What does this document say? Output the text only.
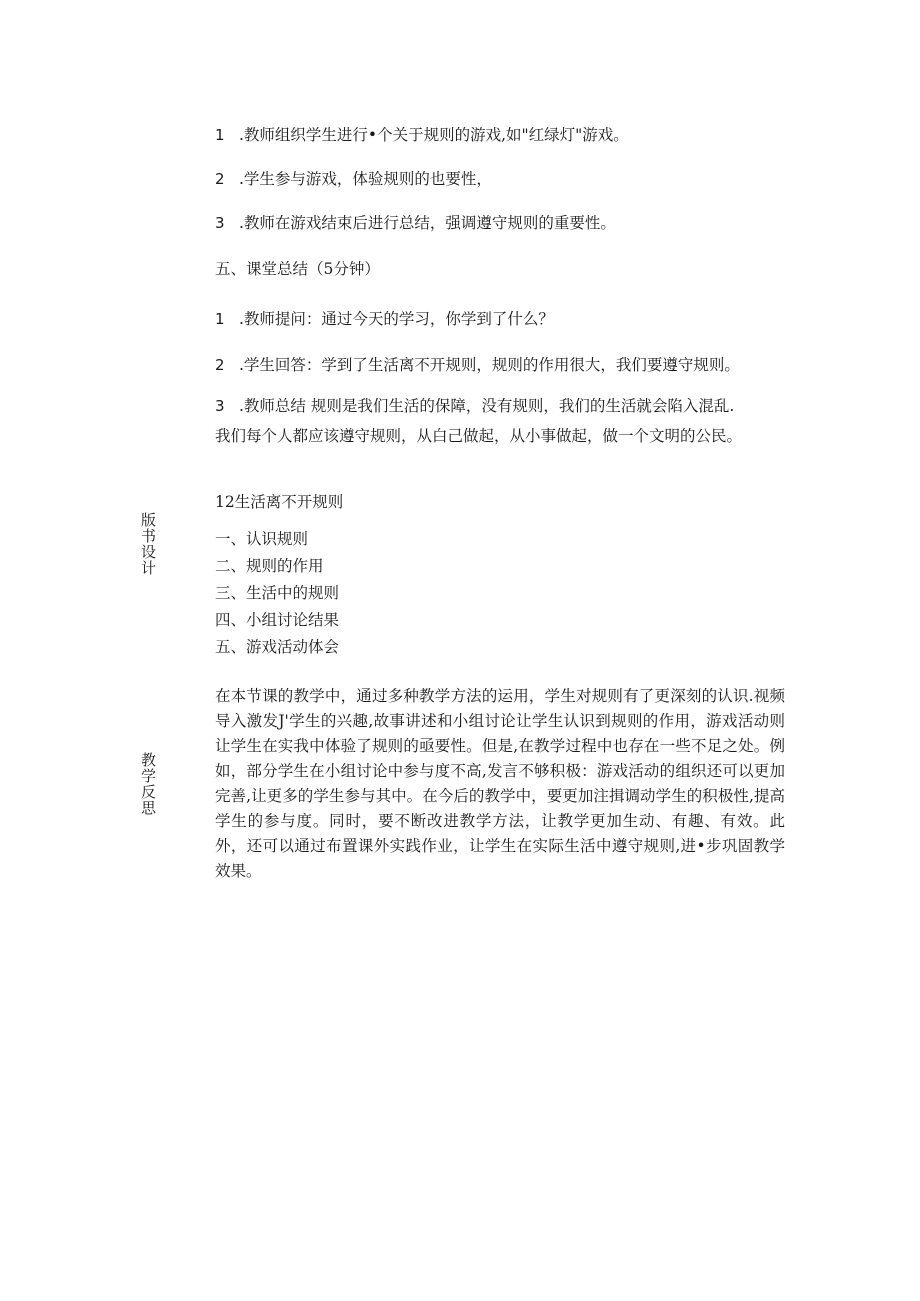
1 .教师组织学生进行•个关于规则的游戏,如"红绿灯"游戏。
2 .学生参与游戏，体验规则的也要性，
3 .教师在游戏结束后进行总结，强调遵守规则的重要性。
五、课堂总结（5分钟）
1 .教师提问：通过今天的学习，你学到了什么？
2 .学生回答：学到了生活离不开规则，规则的作用很大，我们要遵守规则。
3 .教师总结 规则是我们生活的保障，没有规则，我们的生活就会陷入混乱.
我们每个人都应该遵守规则，从白己做起，从小事做起，做一个文明的公民。
版书设计
12生活离不开规则
一、认识规则
二、规则的作用
三、生活中的规则
四、小组讨论结果
五、游戏活动体会
教学反思

在本节课的教学中，通过多种教学方法的运用，学生对规则有了更深刻的认识.视频导入激发J'学生的兴趣,故事讲述和小组讨论让学生认识到规则的作用，游戏活动则让学生在实我中体验了规则的亟要性。但是,在教学过程中也存在一些不足之处。例如，部分学生在小组讨论中参与度不高,发言不够积极：游戏活动的组织还可以更加完善,让更多的学生参与其中。在今后的教学中，要更加注揖调动学生的积极性,提高学生的参与度。同时，要不断改进教学方法，让教学更加生动、有趣、有效。此外，还可以通过布置课外实践作业，让学生在实际生活中遵守规则,进•步巩固教学效果。
